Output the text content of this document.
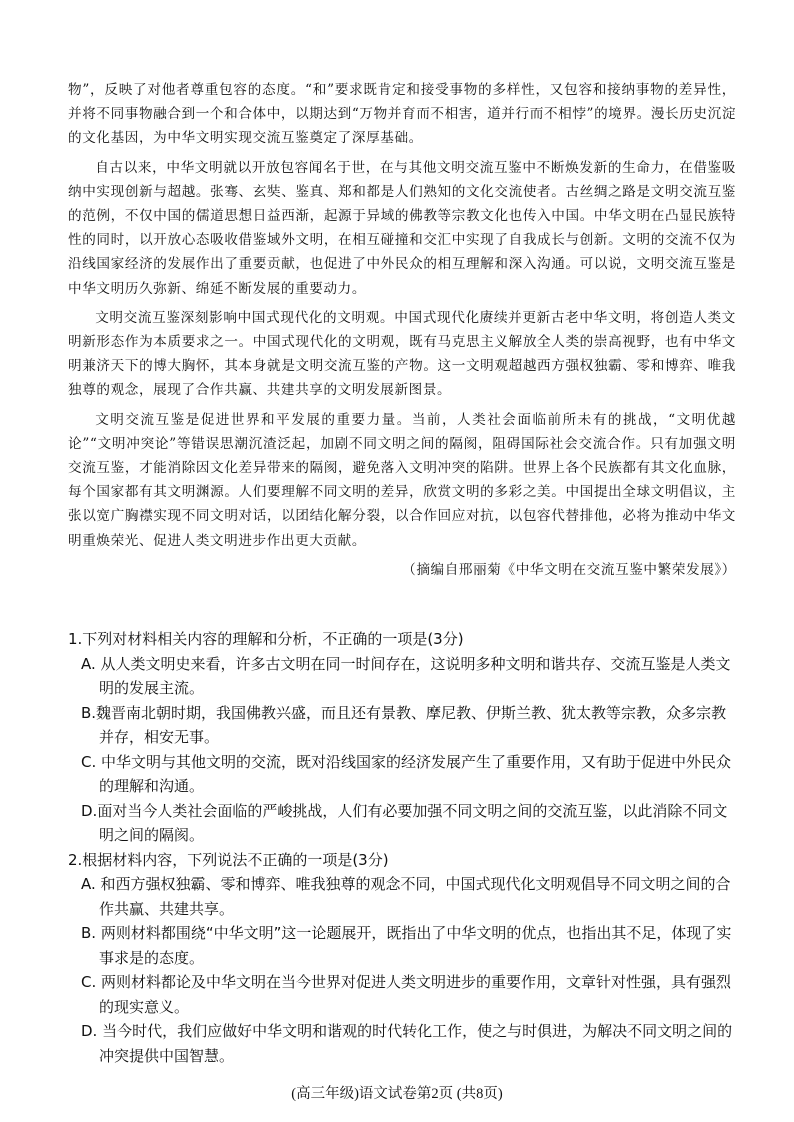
物”，反映了对他者尊重包容的态度。“和”要求既肯定和接受事物的多样性，又包容和接纳事物的差异性，并将不同事物融合到一个和合体中，以期达到“万物并育而不相害，道并行而不相悖”的境界。漫长历史沉淀的文化基因，为中华文明实现交流互鉴奠定了深厚基础。

自古以来，中华文明就以开放包容闻名于世，在与其他文明交流互鉴中不断焕发新的生命力，在借鉴吸纳中实现创新与超越。张骞、玄奘、鉴真、郑和都是人们熟知的文化交流使者。古丝绸之路是文明交流互鉴的范例，不仅中国的儒道思想日益西渐，起源于异域的佛教等宗教文化也传入中国。中华文明在凸显民族特性的同时，以开放心态吸收借鉴域外文明，在相互碰撞和交汇中实现了自我成长与创新。文明的交流不仅为沿线国家经济的发展作出了重要贡献，也促进了中外民众的相互理解和深入沟通。可以说，文明交流互鉴是中华文明历久弥新、绵延不断发展的重要动力。

文明交流互鉴深刻影响中国式现代化的文明观。中国式现代化赓续并更新古老中华文明，将创造人类文明新形态作为本质要求之一。中国式现代化的文明观，既有马克思主义解放全人类的崇高视野，也有中华文明兼济天下的博大胸怀，其本身就是文明交流互鉴的产物。这一文明观超越西方强权独霸、零和博弈、唯我独尊的观念，展现了合作共赢、共建共享的文明发展新图景。

文明交流互鉴是促进世界和平发展的重要力量。当前，人类社会面临前所未有的挑战，“文明优越论”“文明冲突论”等错误思潮沉渣泛起，加剧不同文明之间的隔阂，阻碍国际社会交流合作。只有加强文明交流互鉴，才能消除因文化差异带来的隔阂，避免落入文明冲突的陷阱。世界上各个民族都有其文化血脉，每个国家都有其文明渊源。人们要理解不同文明的差异，欣赏文明的多彩之美。中国提出全球文明倡议，主张以宽广胸襟实现不同文明对话，以团结化解分裂，以合作回应对抗，以包容代替排他，必将为推动中华文明重焕荣光、促进人类文明进步作出更大贡献。

（摘编自邢丽菊《中华文明在交流互鉴中繁荣发展》）

1.下列对材料相关内容的理解和分析，不正确的一项是(3分)

A. 从人类文明史来看，许多古文明在同一时间存在，这说明多种文明和谐共存、交流互鉴是人类文明的发展主流。

B.魏晋南北朝时期，我国佛教兴盛，而且还有景教、摩尼教、伊斯兰教、犹太教等宗教，众多宗教并存，相安无事。

C. 中华文明与其他文明的交流，既对沿线国家的经济发展产生了重要作用，又有助于促进中外民众的理解和沟通。

D.面对当今人类社会面临的严峻挑战，人们有必要加强不同文明之间的交流互鉴，以此消除不同文明之间的隔阂。

2.根据材料内容，下列说法不正确的一项是(3分)

A. 和西方强权独霸、零和博弈、唯我独尊的观念不同，中国式现代化文明观倡导不同文明之间的合作共赢、共建共享。

B. 两则材料都围绕“中华文明”这一论题展开，既指出了中华文明的优点，也指出其不足，体现了实事求是的态度。

C. 两则材料都论及中华文明在当今世界对促进人类文明进步的重要作用，文章针对性强，具有强烈的现实意义。

D. 当今时代，我们应做好中华文明和谐观的时代转化工作，使之与时俱进，为解决不同文明之间的冲突提供中国智慧。

(高三年级)语文试卷第2页 (共8页)
